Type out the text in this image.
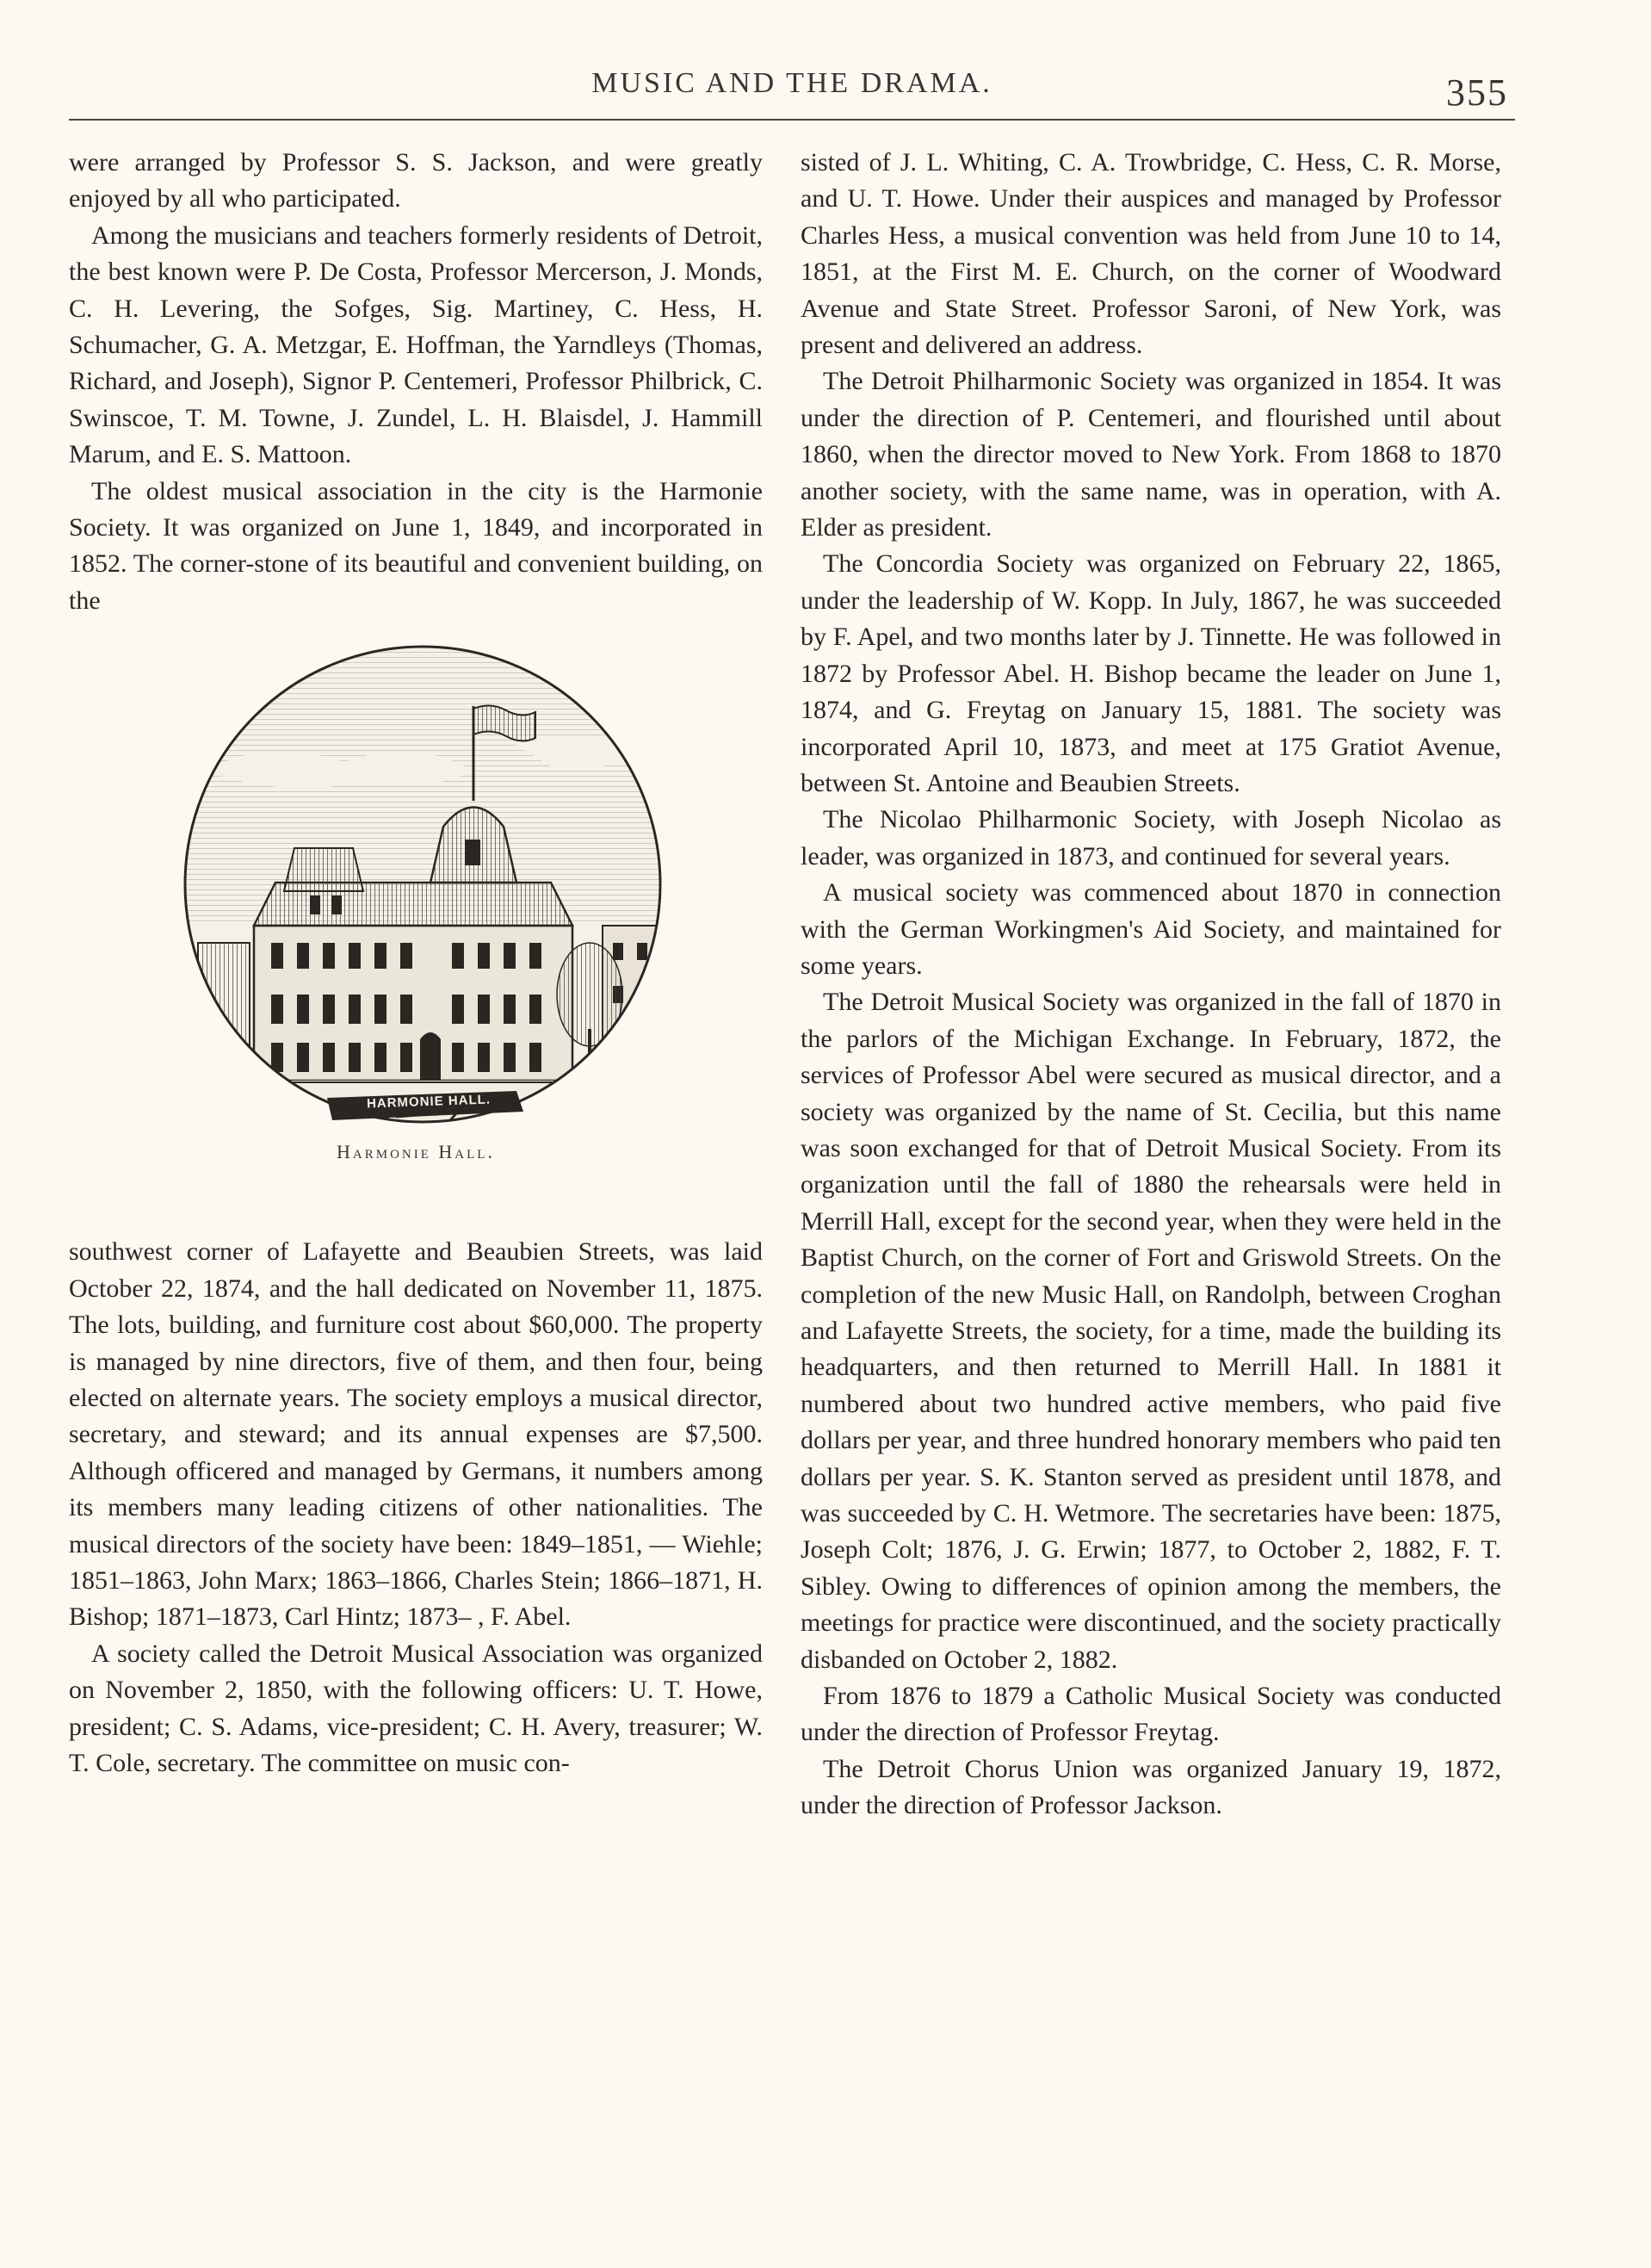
MUSIC AND THE DRAMA.	355

were arranged by Professor S. S. Jackson, and were greatly enjoyed by all who participated.

Among the musicians and teachers formerly residents of Detroit, the best known were P. De Costa, Professor Mercerson, J. Monds, C. H. Levering, the Sofges, Sig. Martiney, C. Hess, H. Schumacher, G. A. Metzgar, E. Hoffman, the Yarndleys (Thomas, Richard, and Joseph), Signor P. Centemeri, Professor Philbrick, C. Swinscoe, T. M. Towne, J. Zundel, L. H. Blaisdel, J. Hammill Marum, and E. S. Mattoon.

The oldest musical association in the city is the Harmonie Society. It was organized on June 1, 1849, and incorporated in 1852. The corner-stone of its beautiful and convenient building, on the

HARMONIE HALL.
Harmonie Hall.

southwest corner of Lafayette and Beaubien Streets, was laid October 22, 1874, and the hall dedicated on November 11, 1875. The lots, building, and furniture cost about $60,000. The property is managed by nine directors, five of them, and then four, being elected on alternate years. The society employs a musical director, secretary, and steward; and its annual expenses are $7,500. Although officered and managed by Germans, it numbers among its members many leading citizens of other nationalities. The musical directors of the society have been: 1849–1851, — Wiehle; 1851–1863, John Marx; 1863–1866, Charles Stein; 1866–1871, H. Bishop; 1871–1873, Carl Hintz; 1873– , F. Abel.

A society called the Detroit Musical Association was organized on November 2, 1850, with the following officers: U. T. Howe, president; C. S. Adams, vice-president; C. H. Avery, treasurer; W. T. Cole, secretary. The committee on music con-

sisted of J. L. Whiting, C. A. Trowbridge, C. Hess, C. R. Morse, and U. T. Howe. Under their auspices and managed by Professor Charles Hess, a musical convention was held from June 10 to 14, 1851, at the First M. E. Church, on the corner of Woodward Avenue and State Street. Professor Saroni, of New York, was present and delivered an address.

The Detroit Philharmonic Society was organized in 1854. It was under the direction of P. Centemeri, and flourished until about 1860, when the director moved to New York. From 1868 to 1870 another society, with the same name, was in operation, with A. Elder as president.

The Concordia Society was organized on February 22, 1865, under the leadership of W. Kopp. In July, 1867, he was succeeded by F. Apel, and two months later by J. Tinnette. He was followed in 1872 by Professor Abel. H. Bishop became the leader on June 1, 1874, and G. Freytag on January 15, 1881. The society was incorporated April 10, 1873, and meet at 175 Gratiot Avenue, between St. Antoine and Beaubien Streets.

The Nicolao Philharmonic Society, with Joseph Nicolao as leader, was organized in 1873, and continued for several years.

A musical society was commenced about 1870 in connection with the German Workingmen's Aid Society, and maintained for some years.

The Detroit Musical Society was organized in the fall of 1870 in the parlors of the Michigan Exchange. In February, 1872, the services of Professor Abel were secured as musical director, and a society was organized by the name of St. Cecilia, but this name was soon exchanged for that of Detroit Musical Society. From its organization until the fall of 1880 the rehearsals were held in Merrill Hall, except for the second year, when they were held in the Baptist Church, on the corner of Fort and Griswold Streets. On the completion of the new Music Hall, on Randolph, between Croghan and Lafayette Streets, the society, for a time, made the building its headquarters, and then returned to Merrill Hall. In 1881 it numbered about two hundred active members, who paid five dollars per year, and three hundred honorary members who paid ten dollars per year. S. K. Stanton served as president until 1878, and was succeeded by C. H. Wetmore. The secretaries have been: 1875, Joseph Colt; 1876, J. G. Erwin; 1877, to October 2, 1882, F. T. Sibley. Owing to differences of opinion among the members, the meetings for practice were discontinued, and the society practically disbanded on October 2, 1882.

From 1876 to 1879 a Catholic Musical Society was conducted under the direction of Professor Freytag.

The Detroit Chorus Union was organized January 19, 1872, under the direction of Professor Jackson.
